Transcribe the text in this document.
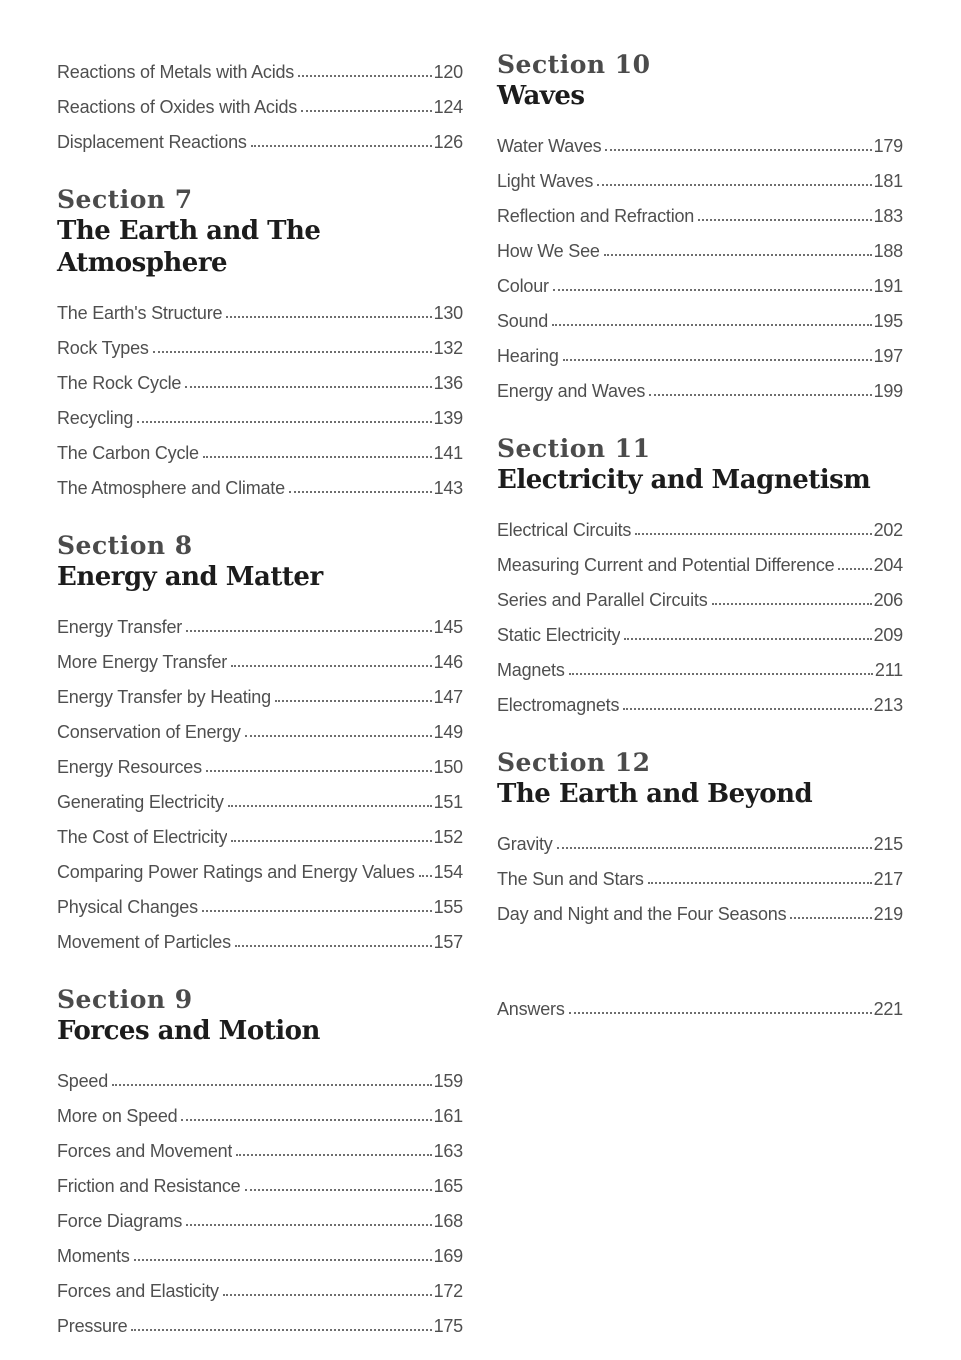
Reactions of Metals with Acids	120
Reactions of Oxides with Acids	124
Displacement Reactions	126
Section 7
The Earth and The Atmosphere
The Earth's Structure	130
Rock Types	132
The Rock Cycle	136
Recycling	139
The Carbon Cycle	141
The Atmosphere and Climate	143
Section 8
Energy and Matter
Energy Transfer	145
More Energy Transfer	146
Energy Transfer by Heating	147
Conservation of Energy	149
Energy Resources	150
Generating Electricity	151
The Cost of Electricity	152
Comparing Power Ratings and Energy Values 154
Physical Changes	155
Movement of Particles	157
Section 9
Forces and Motion
Speed	159
More on Speed	161
Forces and Movement	163
Friction and Resistance	165
Force Diagrams	168
Moments	169
Forces and Elasticity	172
Pressure	175
Section 10
Waves
Water Waves	179
Light Waves	181
Reflection and Refraction	183
How We See	188
Colour	191
Sound	195
Hearing	197
Energy and Waves	199
Section 11
Electricity and Magnetism
Electrical Circuits	202
Measuring Current and Potential Difference 204
Series and Parallel Circuits	206
Static Electricity	209
Magnets	211
Electromagnets	213
Section 12
The Earth and Beyond
Gravity	215
The Sun and Stars	217
Day and Night and the Four Seasons	219
Answers	221
